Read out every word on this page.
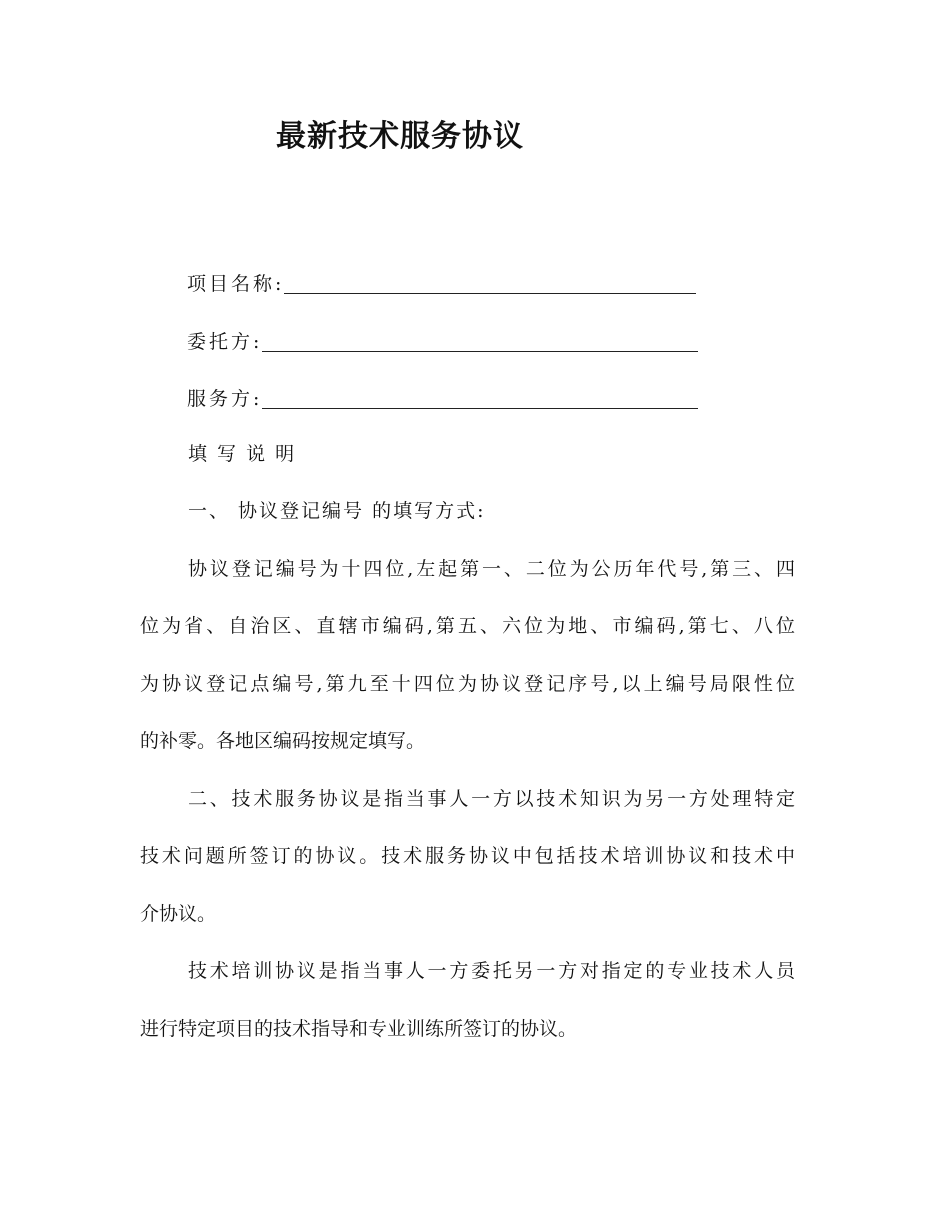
最新技术服务协议
项目名称:
委托方:
服务方:
填 写 说 明
一、 协议登记编号 的填写方式:
协议登记编号为十四位,左起第一、二位为公历年代号,第三、四
位为省、自治区、直辖市编码,第五、六位为地、市编码,第七、八位
为协议登记点编号,第九至十四位为协议登记序号,以上编号局限性位
的补零。各地区编码按规定填写。
二、技术服务协议是指当事人一方以技术知识为另一方处理特定
技术问题所签订的协议。技术服务协议中包括技术培训协议和技术中
介协议。
技术培训协议是指当事人一方委托另一方对指定的专业技术人员
进行特定项目的技术指导和专业训练所签订的协议。
